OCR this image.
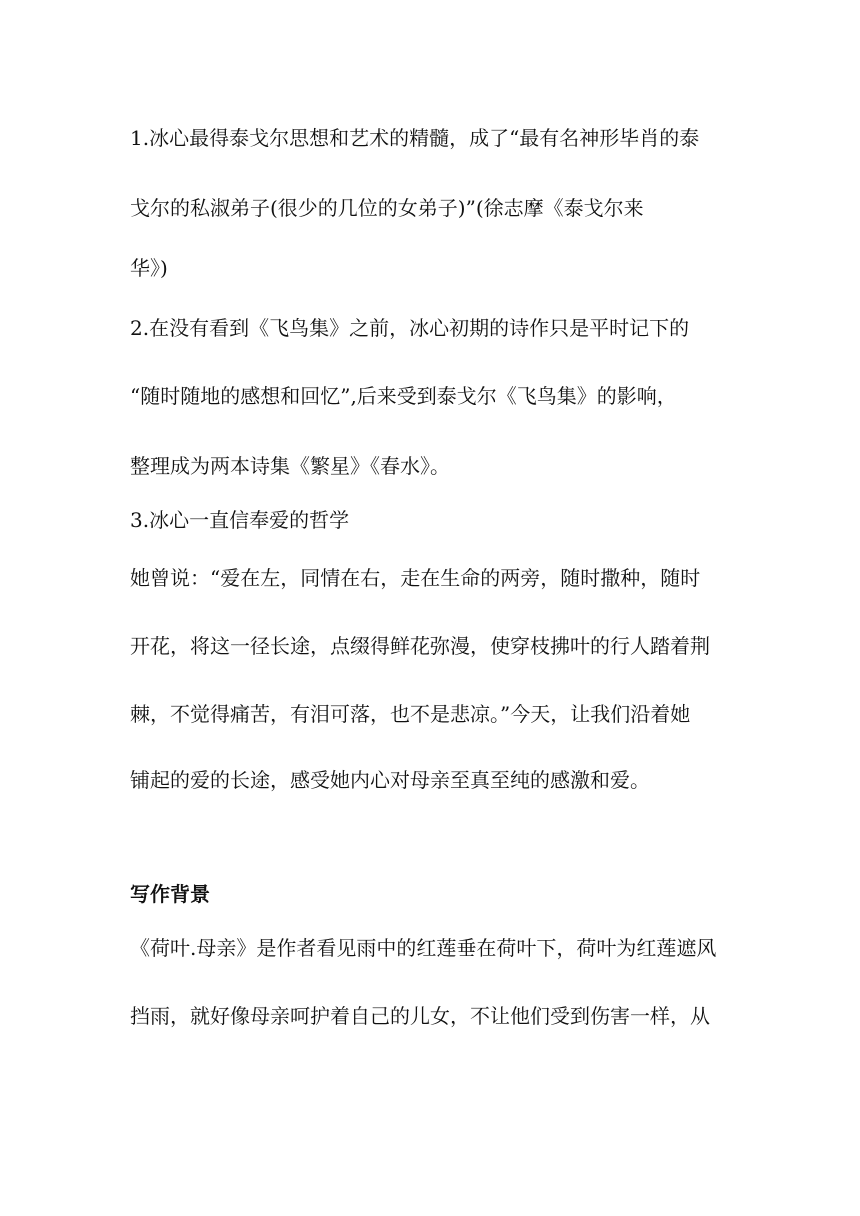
1.冰心最得泰戈尔思想和艺术的精髓，成了“最有名神形毕肖的泰
戈尔的私淑弟子(很少的几位的女弟子)”(徐志摩《泰戈尔来
华》)
2.在没有看到《飞鸟集》之前，冰心初期的诗作只是平时记下的
“随时随地的感想和回忆”,后来受到泰戈尔《飞鸟集》的影响，
整理成为两本诗集《繁星》《春水》。
3.冰心一直信奉爱的哲学
她曾说：“爱在左，同情在右，走在生命的两旁，随时撒种，随时
开花，将这一径长途，点缀得鲜花弥漫，使穿枝拂叶的行人踏着荆
棘，不觉得痛苦，有泪可落，也不是悲凉。”今天，让我们沿着她
铺起的爱的长途，感受她内心对母亲至真至纯的感激和爱。
写作背景
《荷叶.母亲》是作者看见雨中的红莲垂在荷叶下，荷叶为红莲遮风
挡雨，就好像母亲呵护着自己的儿女，不让他们受到伤害一样，从
